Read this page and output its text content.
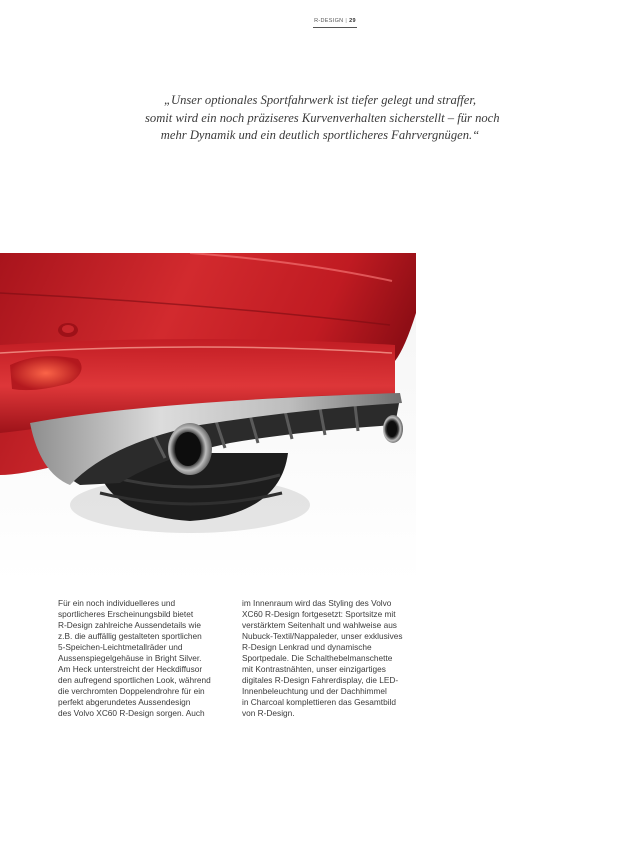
R-DESIGN | 29
„Unser optionales Sportfahrwerk ist tiefer gelegt und straffer,
somit wird ein noch präziseres Kurvenverhalten sicherstellt – für noch
mehr Dynamik und ein deutlich sportlicheres Fahrvergnügen.“
Für ein noch individuelleres und
sportlicheres Erscheinungsbild bietet
R-Design zahlreiche Aussendetails wie
z.B. die auffällig gestalteten sportlichen
5-Speichen-Leichtmetallräder und
Aussenspiegelgehäuse in Bright Silver.
Am Heck unterstreicht der Heckdiffusor
den aufregend sportlichen Look, während
die verchromten Doppelendrohre für ein
perfekt abgerundetes Aussendesign
des Volvo XC60 R-Design sorgen. Auch
im Innenraum wird das Styling des Volvo
XC60 R-Design fortgesetzt: Sportsitze mit
verstärktem Seitenhalt und wahlweise aus
Nubuck-Textil/Nappaleder, unser exklusives
R-Design Lenkrad und dynamische
Sportpedale. Die Schalthebelmanschette
mit Kontrastnähten, unser einzigartiges
digitales R-Design Fahrerdisplay, die LED-
Innenbeleuchtung und der Dachhimmel
in Charcoal komplettieren das Gesamtbild
von R-Design.
